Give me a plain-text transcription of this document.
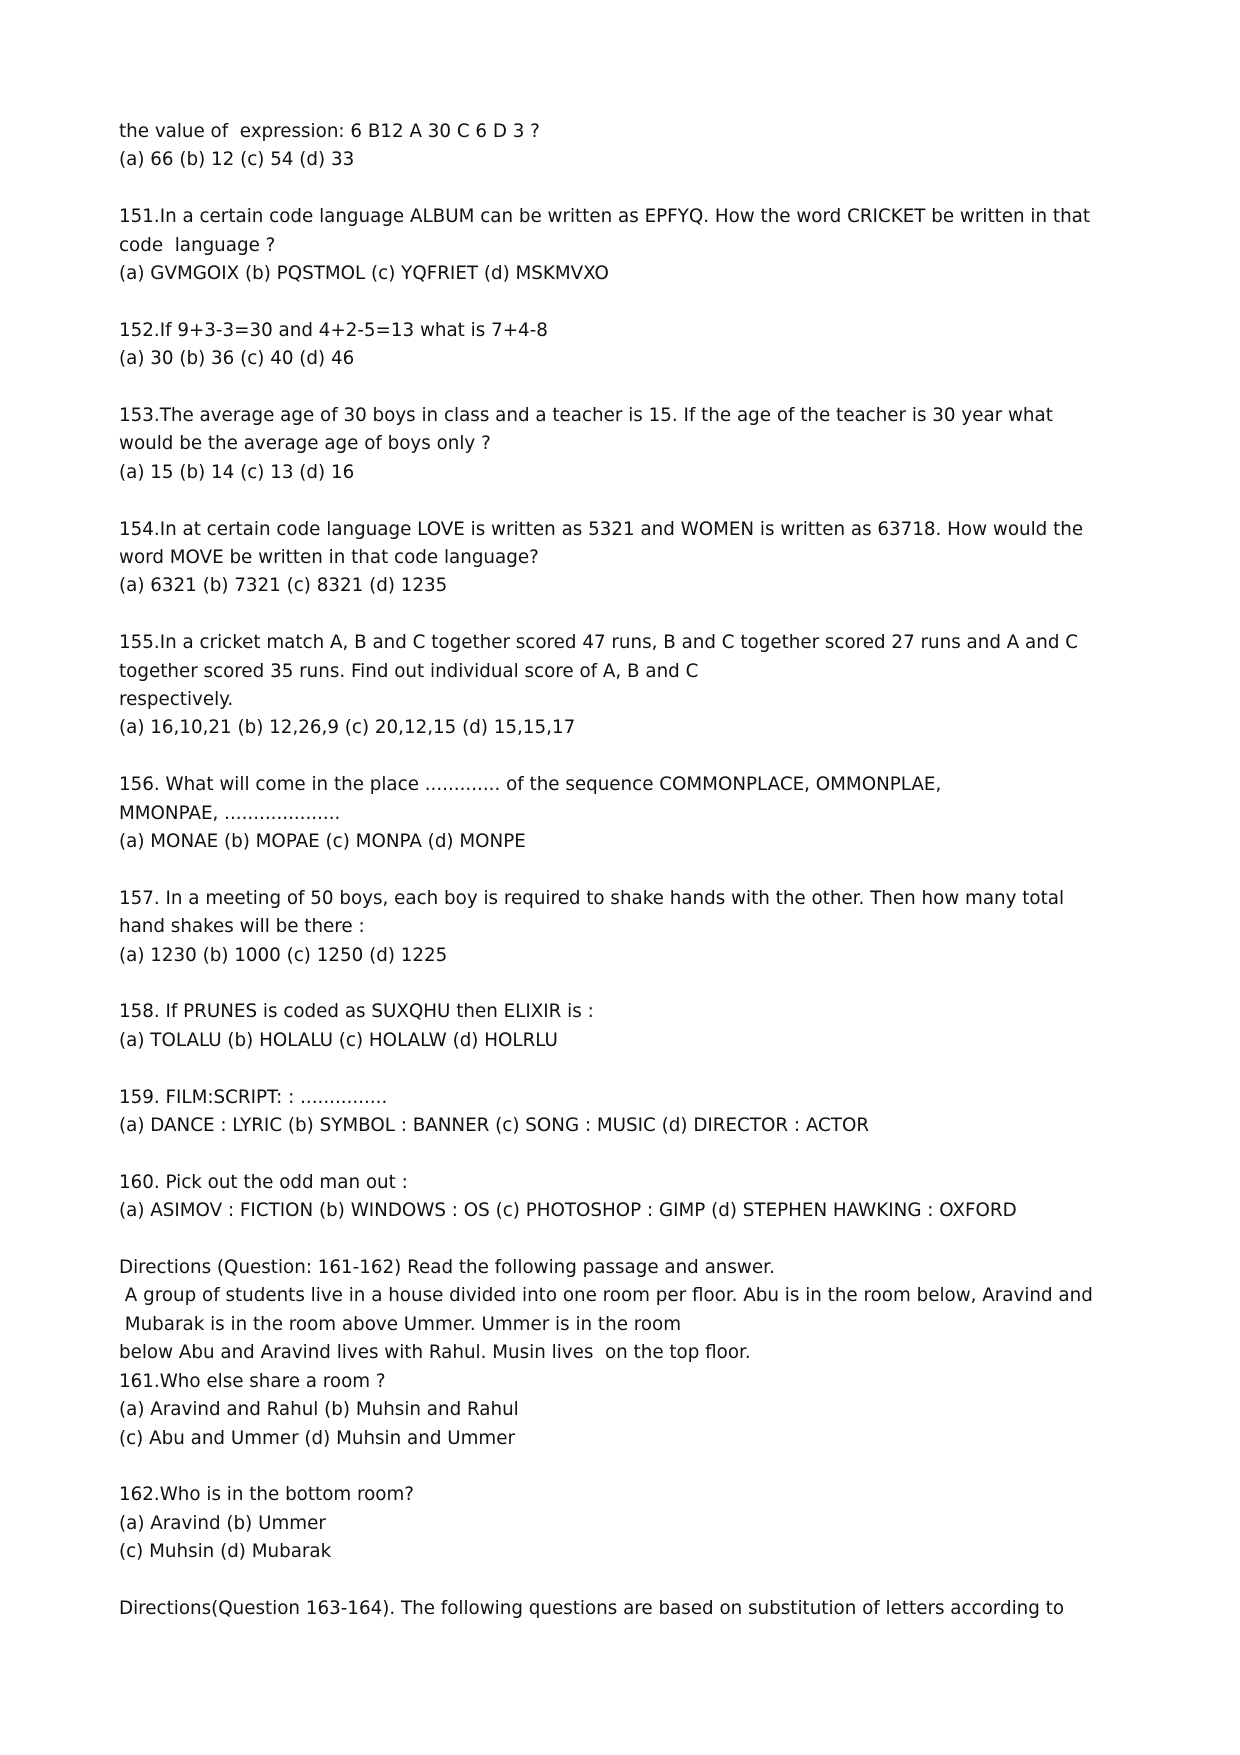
the value of  expression: 6 B12 A 30 C 6 D 3 ?
(a) 66 (b) 12 (c) 54 (d) 33
151.In a certain code language ALBUM can be written as EPFYQ. How the word CRICKET be written in that
code  language ?
(a) GVMGOIX (b) PQSTMOL (c) YQFRIET (d) MSKMVXO
152.If 9+3-3=30 and 4+2-5=13 what is 7+4-8
(a) 30 (b) 36 (c) 40 (d) 46
153.The average age of 30 boys in class and a teacher is 15. If the age of the teacher is 30 year what
would be the average age of boys only ?
(a) 15 (b) 14 (c) 13 (d) 16
154.In at certain code language LOVE is written as 5321 and WOMEN is written as 63718. How would the
word MOVE be written in that code language?
(a) 6321 (b) 7321 (c) 8321 (d) 1235
155.In a cricket match A, B and C together scored 47 runs, B and C together scored 27 runs and A and C
together scored 35 runs. Find out individual score of A, B and C
respectively.
(a) 16,10,21 (b) 12,26,9 (c) 20,12,15 (d) 15,15,17
156. What will come in the place ............. of the sequence COMMONPLACE, OMMONPLAE,
MMONPAE, ....................
(a) MONAE (b) MOPAE (c) MONPA (d) MONPE
157. In a meeting of 50 boys, each boy is required to shake hands with the other. Then how many total
hand shakes will be there :
(a) 1230 (b) 1000 (c) 1250 (d) 1225
158. If PRUNES is coded as SUXQHU then ELIXIR is :
(a) TOLALU (b) HOLALU (c) HOLALW (d) HOLRLU
159. FILM:SCRIPT: : ...............
(a) DANCE : LYRIC (b) SYMBOL : BANNER (c) SONG : MUSIC (d) DIRECTOR : ACTOR
160. Pick out the odd man out :
(a) ASIMOV : FICTION (b) WINDOWS : OS (c) PHOTOSHOP : GIMP (d) STEPHEN HAWKING : OXFORD
Directions (Question: 161-162) Read the following passage and answer.
A group of students live in a house divided into one room per floor. Abu is in the room below, Aravind and
Mubarak is in the room above Ummer. Ummer is in the room
below Abu and Aravind lives with Rahul. Musin lives  on the top floor.
161.Who else share a room ?
(a) Aravind and Rahul (b) Muhsin and Rahul
(c) Abu and Ummer (d) Muhsin and Ummer
162.Who is in the bottom room?
(a) Aravind (b) Ummer
(c) Muhsin (d) Mubarak
Directions(Question 163-164). The following questions are based on substitution of letters according to
